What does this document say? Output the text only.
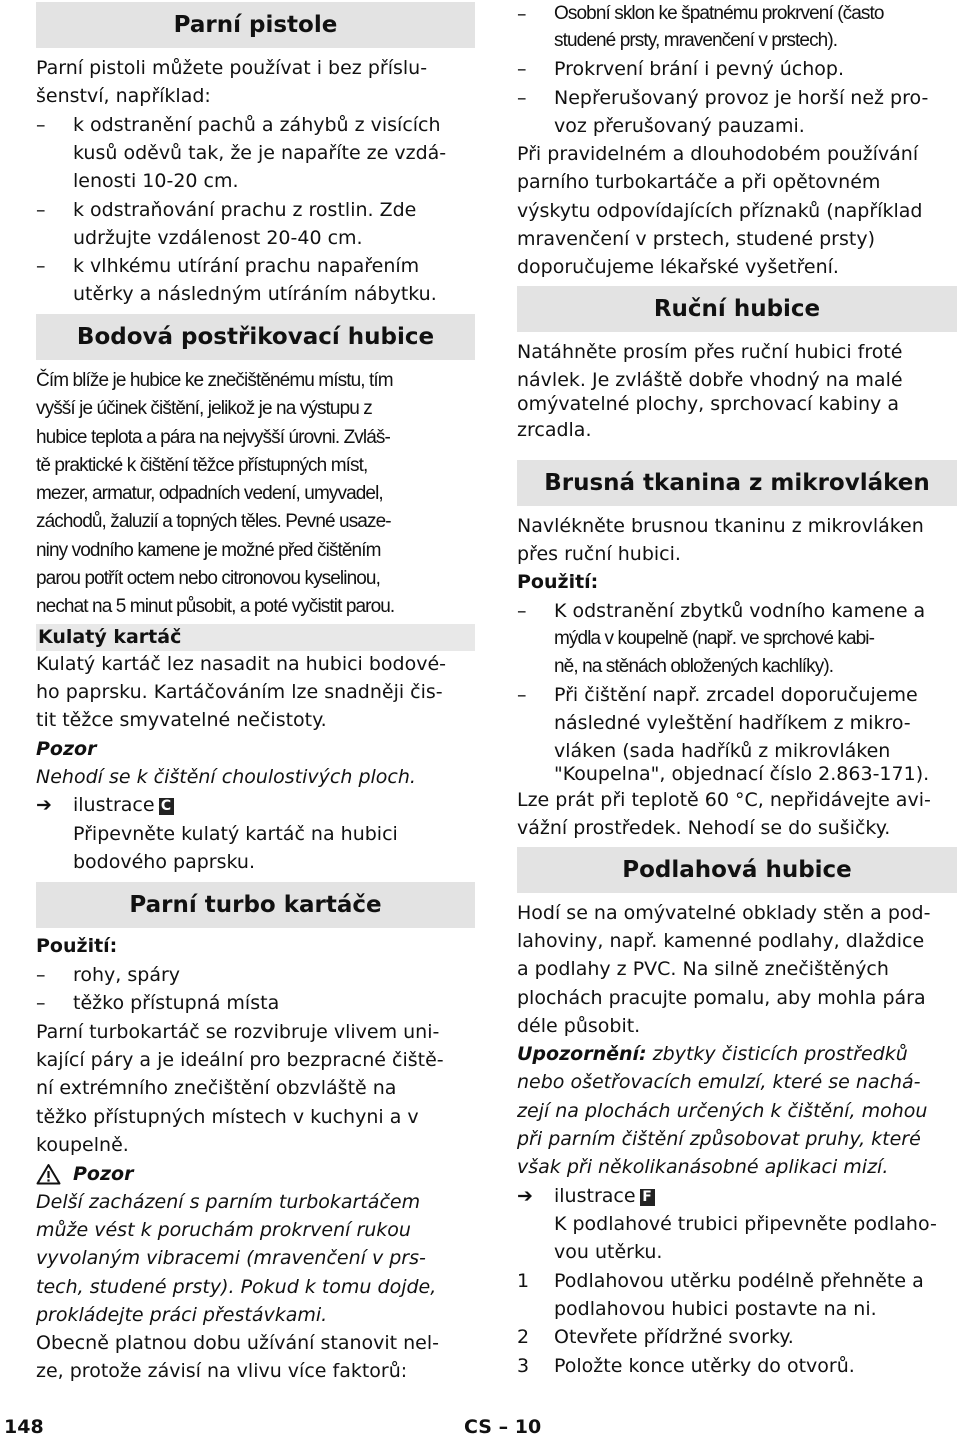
Parní pistole
Parní pistoli můžete používat i bez příslu-
šenství, například:
– k odstranění pachů a záhybů z visících
kusů oděvů tak, že je napaříte ze vzdá-
lenosti 10-20 cm.
– k odstraňování prachu z rostlin. Zde
udržujte vzdálenost 20-40 cm.
– k vlhkému utírání prachu napařením
utěrky a následným utíráním nábytku.
Bodová postřikovací hubice
Čím blíže je hubice ke znečištěnému místu, tím
vyšší je účinek čištění, jelikož je na výstupu z
hubice teplota a pára na nejvyšší úrovni. Zvláš-
tě praktické k čištění těžce přístupných míst,
mezer, armatur, odpadních vedení, umyvadel,
záchodů, žaluzií a topných těles. Pevné usaze-
niny vodního kamene je možné před čištěním
parou potřít octem nebo citronovou kyselinou,
nechat na 5 minut působit, a poté vyčistit parou.
Kulatý kartáč
Kulatý kartáč lez nasadit na hubici bodové-
ho paprsku. Kartáčováním lze snadněji čis-
tit těžce smyvatelné nečistoty.
Pozor
Nehodí se k čištění choulostivých ploch.
➔ ilustrace C
Připevněte kulatý kartáč na hubici
bodového paprsku.
Parní turbo kartáče
Použití:
– rohy, spáry
– těžko přístupná místa
Parní turbokartáč se rozvibruje vlivem uni-
kající páry a je ideální pro bezpracné čiště-
ní extrémního znečištění obzvláště na
těžko přístupných místech v kuchyni a v
koupelně.
Pozor
Delší zacházení s parním turbokartáčem
může vést k poruchám prokrvení rukou
vyvolaným vibracemi (mravenčení v prs-
tech, studené prsty). Pokud k tomu dojde,
prokládejte práci přestávkami.
Obecně platnou dobu užívání stanovit nel-
ze, protože závisí na vlivu více faktorů:
– Osobní sklon ke špatnému prokrvení (často
studené prsty, mravenčení v prstech).
– Prokrvení brání i pevný úchop.
– Nepřerušovaný provoz je horší než pro-
voz přerušovaný pauzami.
Při pravidelném a dlouhodobém používání
parního turbokartáče a při opětovném
výskytu odpovídajících příznaků (například
mravenčení v prstech, studené prsty)
doporučujeme lékařské vyšetření.
Ruční hubice
Natáhněte prosím přes ruční hubici froté
návlek. Je zvláště dobře vhodný na malé
omývatelné plochy, sprchovací kabiny a
zrcadla.
Brusná tkanina z mikrovláken
Navlékněte brusnou tkaninu z mikrovláken
přes ruční hubici.
Použití:
– K odstranění zbytků vodního kamene a
mýdla v koupelně (např. ve sprchové kabi-
ně, na stěnách obložených kachlíky).
– Při čištění např. zrcadel doporučujeme
následné vyleštění hadříkem z mikro-
vláken (sada hadříků z mikrovláken
"Koupelna", objednací číslo 2.863-171).
Lze prát při teplotě 60 °C, nepřidávejte avi-
vážní prostředek. Nehodí se do sušičky.
Podlahová hubice
Hodí se na omývatelné obklady stěn a pod-
lahoviny, např. kamenné podlahy, dlaždice
a podlahy z PVC. Na silně znečištěných
plochách pracujte pomalu, aby mohla pára
déle působit.
Upozornění: zbytky čisticích prostředků
nebo ošetřovacích emulzí, které se nachá-
zejí na plochách určených k čištění, mohou
při parním čištění způsobovat pruhy, které
však při několikanásobné aplikaci mizí.
➔ ilustrace F
K podlahové trubici připevněte podlaho-
vou utěrku.
1 Podlahovou utěrku podélně přehněte a
podlahovou hubici postavte na ni.
2 Otevřete přídržné svorky.
3 Položte konce utěrky do otvorů.
148	CS – 10
